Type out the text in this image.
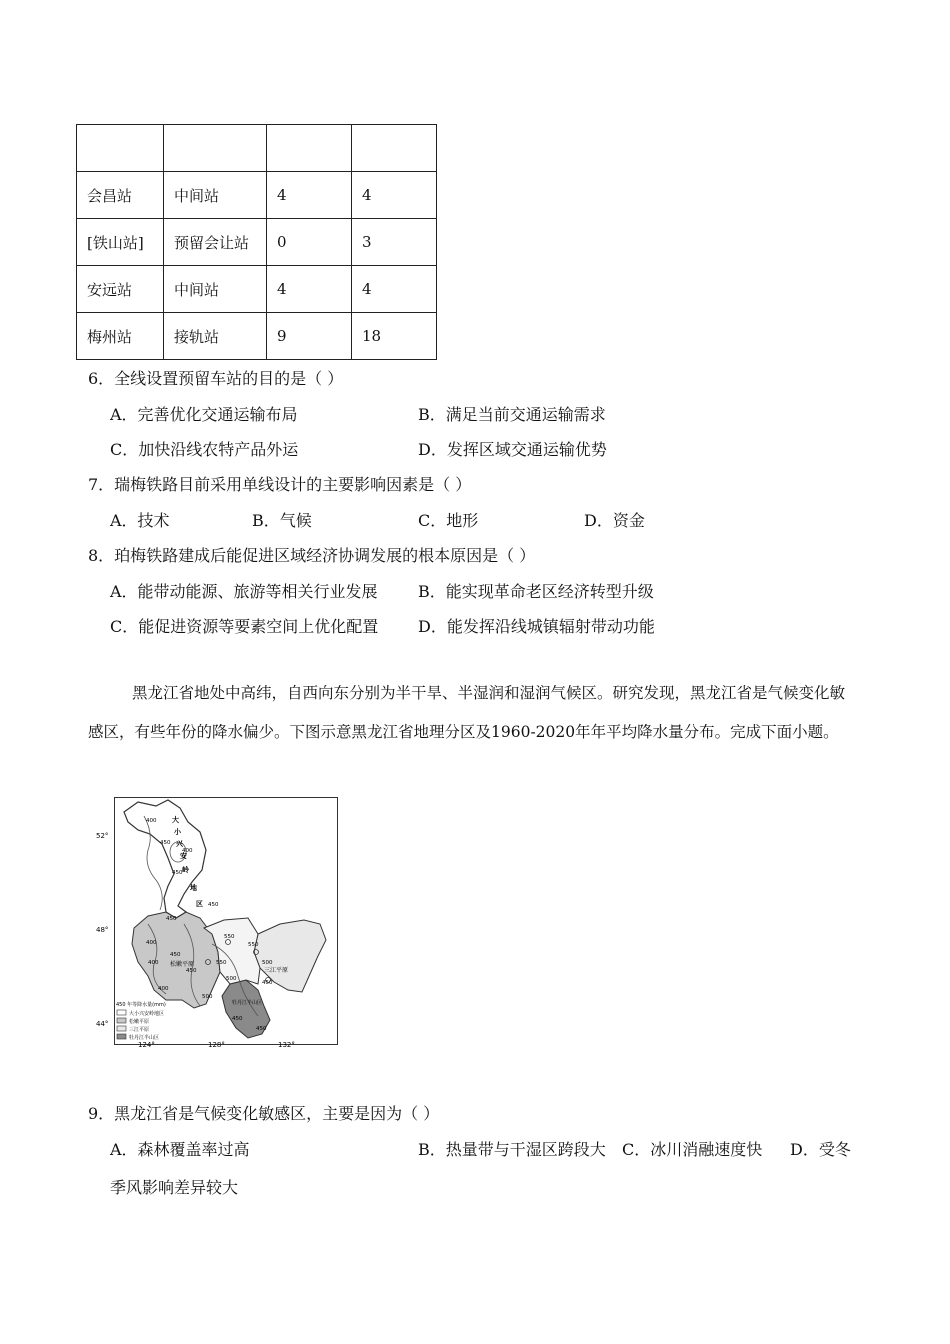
会昌站	中间站	4	4
[铁山站]	预留会让站	0	3
安远站	中间站	4	4
梅州站	接轨站	9	18
6．全线设置预留车站的目的是（ ）
A．完善优化交通运输布局	B．满足当前交通运输需求
C．加快沿线农特产品外运	D．发挥区域交通运输优势
7．瑞梅铁路目前采用单线设计的主要影响因素是（ ）
A．技术	B．气候	C．地形	D．资金
8．珀梅铁路建成后能促进区域经济协调发展的根本原因是（ ）
A．能带动能源、旅游等相关行业发展	B．能实现革命老区经济转型升级
C．能促进资源等要素空间上优化配置 D．能发挥沿线城镇辐射带动功能

黑龙江省地处中高纬，自西向东分别为半干旱、半湿润和湿润气候区。研究发现，黑龙江省是气候变化敏感区，有些年份的降水偏少。下图示意黑龙江省地理分区及1960-2020年年平均降水量分布。完成下面小题。

52°
48°
44°
124°	128°	132°
大
小
兴
安
岭
地
区
400
450
400
450
450
450
550
550
400
400
450
550	500
400
450
500
500
450
450
450
松嫩平原
三江平原
牡丹江半山区
450 年等降水量(mm)
大小兴安岭地区
松嫩平原
三江平原
牡丹江半山区
9．黑龙江省是气候变化敏感区，主要是因为（ ）
A．森林覆盖率过高	B．热量带与干湿区跨段大 C．冰川消融速度快 D．受冬
季风影响差异较大
